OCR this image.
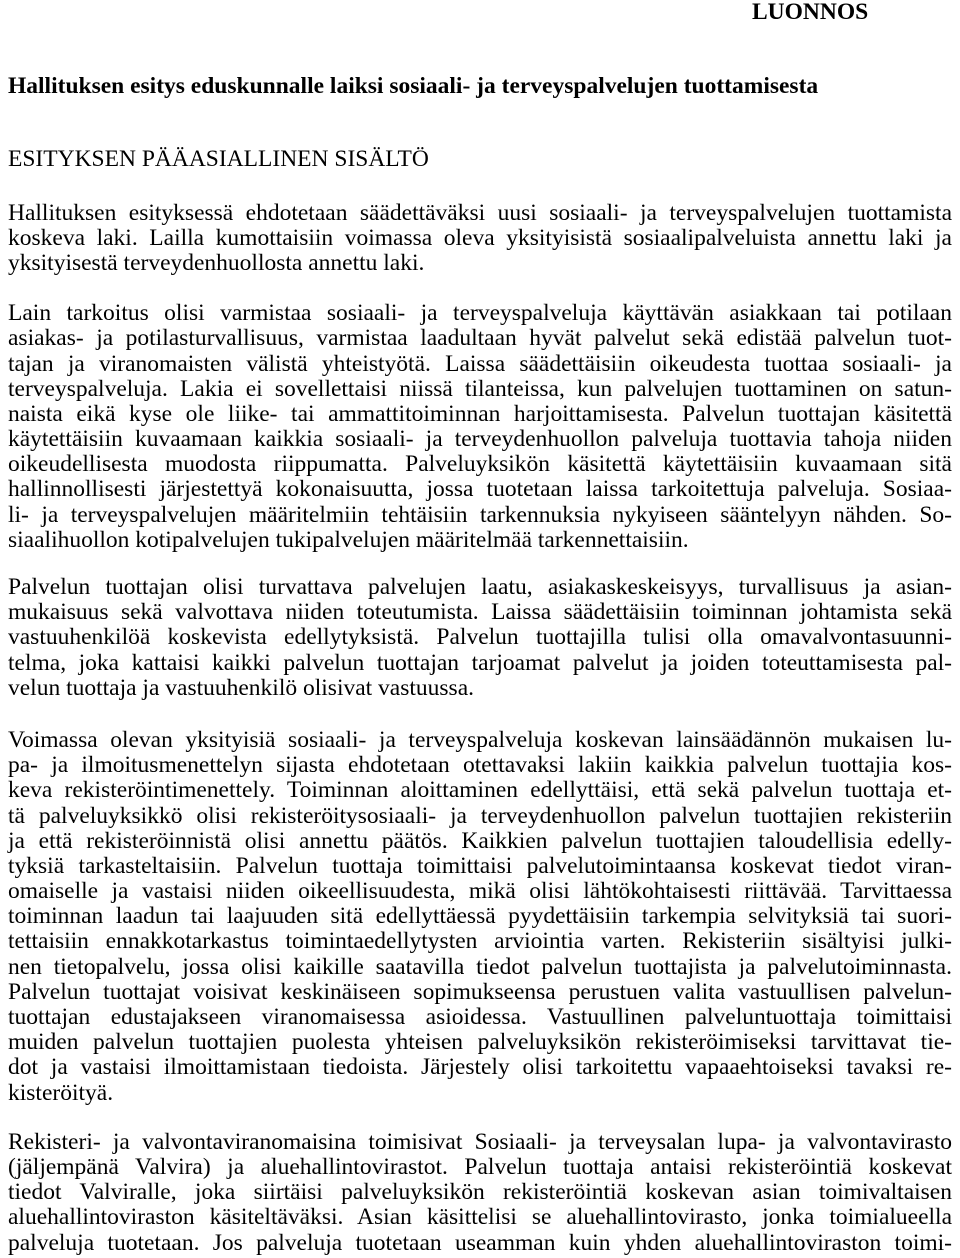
LUONNOS
Hallituksen esitys eduskunnalle laiksi sosiaali- ja terveyspalvelujen tuottamisesta
ESITYKSEN PÄÄASIALLINEN SISÄLTÖ
Hallituksen esityksessä ehdotetaan säädettäväksi uusi sosiaali- ja terveyspalvelujen tuottamista
koskeva laki. Lailla kumottaisiin voimassa oleva yksityisistä sosiaalipalveluista annettu laki ja
yksityisestä terveydenhuollosta annettu laki.
Lain tarkoitus olisi varmistaa sosiaali- ja terveyspalveluja käyttävän asiakkaan tai potilaan
asiakas- ja potilasturvallisuus, varmistaa laadultaan hyvät palvelut sekä edistää palvelun tuot-
tajan ja viranomaisten välistä yhteistyötä. Laissa säädettäisiin oikeudesta tuottaa sosiaali- ja
terveyspalveluja. Lakia ei sovellettaisi niissä tilanteissa, kun palvelujen tuottaminen on satun-
naista eikä kyse ole liike- tai ammattitoiminnan harjoittamisesta. Palvelun tuottajan käsitettä
käytettäisiin kuvaamaan kaikkia sosiaali- ja terveydenhuollon palveluja tuottavia tahoja niiden
oikeudellisesta muodosta riippumatta. Palveluyksikön käsitettä käytettäisiin kuvaamaan sitä
hallinnollisesti järjestettyä kokonaisuutta, jossa tuotetaan laissa tarkoitettuja palveluja. Sosiaa-
li- ja terveyspalvelujen määritelmiin tehtäisiin tarkennuksia nykyiseen sääntelyyn nähden. So-
siaalihuollon kotipalvelujen tukipalvelujen määritelmää tarkennettaisiin.
Palvelun tuottajan olisi turvattava palvelujen laatu, asiakaskeskeisyys, turvallisuus ja asian-
mukaisuus sekä valvottava niiden toteutumista. Laissa säädettäisiin toiminnan johtamista sekä
vastuuhenkilöä koskevista edellytyksistä. Palvelun tuottajilla tulisi olla omavalvontasuunni-
telma, joka kattaisi kaikki palvelun tuottajan tarjoamat palvelut ja joiden toteuttamisesta pal-
velun tuottaja ja vastuuhenkilö olisivat vastuussa.
Voimassa olevan yksityisiä sosiaali- ja terveyspalveluja koskevan lainsäädännön mukaisen lu-
pa- ja ilmoitusmenettelyn sijasta ehdotetaan otettavaksi lakiin kaikkia palvelun tuottajia kos-
keva rekisteröintimenettely. Toiminnan aloittaminen edellyttäisi, että sekä palvelun tuottaja et-
tä palveluyksikkö olisi rekisteröitysosiaali- ja terveydenhuollon palvelun tuottajien rekisteriin
ja että rekisteröinnistä olisi annettu päätös. Kaikkien palvelun tuottajien taloudellisia edelly-
tyksiä tarkasteltaisiin. Palvelun tuottaja toimittaisi palvelutoimintaansa koskevat tiedot viran-
omaiselle ja vastaisi niiden oikeellisuudesta, mikä olisi lähtökohtaisesti riittävää. Tarvittaessa
toiminnan laadun tai laajuuden sitä edellyttäessä pyydettäisiin tarkempia selvityksiä tai suori-
tettaisiin ennakkotarkastus toimintaedellytysten arviointia varten. Rekisteriin sisältyisi julki-
nen tietopalvelu, jossa olisi kaikille saatavilla tiedot palvelun tuottajista ja palvelutoiminnasta.
Palvelun tuottajat voisivat keskinäiseen sopimukseensa perustuen valita vastuullisen palvelun-
tuottajan edustajakseen viranomaisessa asioidessa. Vastuullinen palveluntuottaja toimittaisi
muiden palvelun tuottajien puolesta yhteisen palveluyksikön rekisteröimiseksi tarvittavat tie-
dot ja vastaisi ilmoittamistaan tiedoista. Järjestely olisi tarkoitettu vapaaehtoiseksi tavaksi re-
kisteröityä.
Rekisteri- ja valvontaviranomaisina toimisivat Sosiaali- ja terveysalan lupa- ja valvontavirasto
(jäljempänä Valvira) ja aluehallintovirastot. Palvelun tuottaja antaisi rekisteröintiä koskevat
tiedot Valviralle, joka siirtäisi palveluyksikön rekisteröintiä koskevan asian toimivaltaisen
aluehallintoviraston käsiteltäväksi. Asian käsittelisi se aluehallintovirasto, jonka toimialueella
palveluja tuotetaan. Jos palveluja tuotetaan useamman kuin yhden aluehallintoviraston toimi-
